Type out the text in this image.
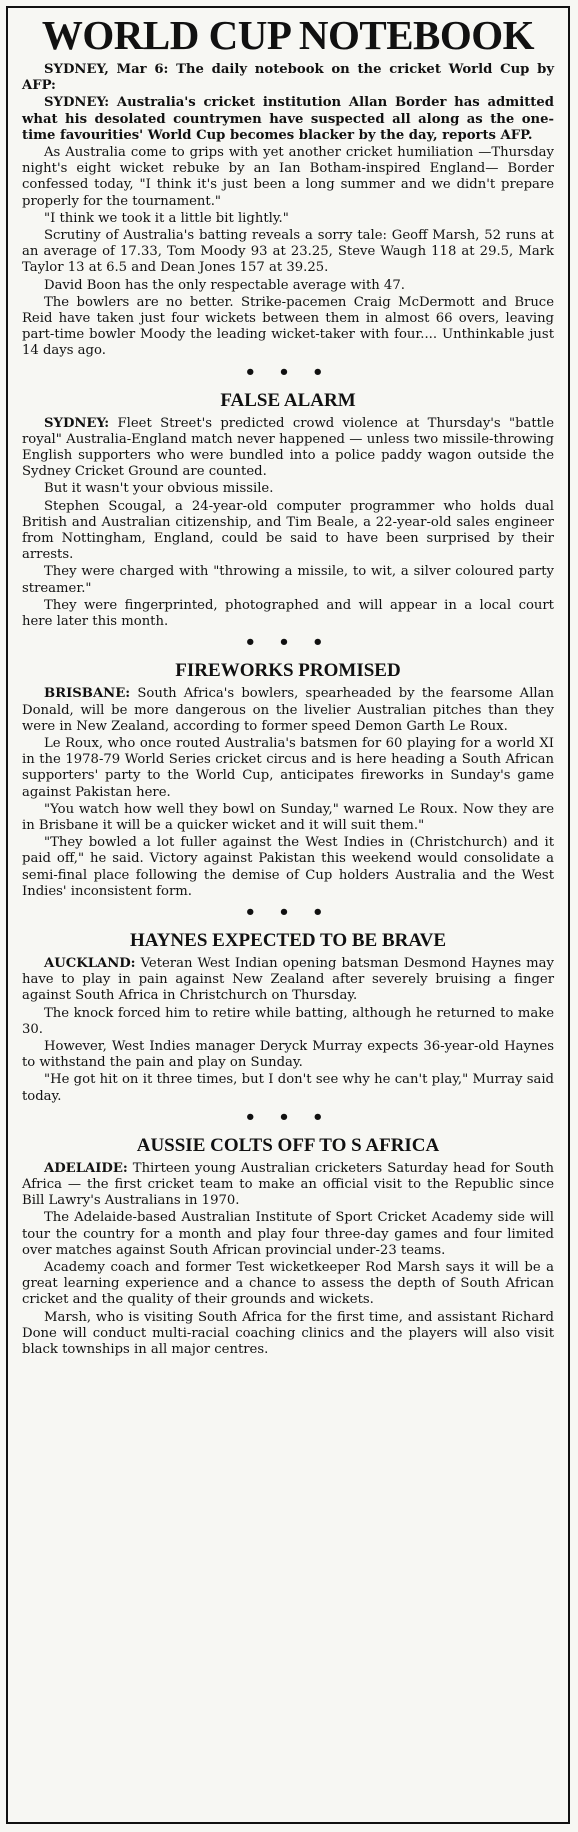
WORLD CUP NOTEBOOK

SYDNEY, Mar 6: The daily notebook on the cricket World Cup by AFP:

SYDNEY: Australia's cricket institution Allan Border has admitted what his desolated countrymen have suspected all along as the one-time favourities' World Cup becomes blacker by the day, reports AFP.

As Australia come to grips with yet another cricket humiliation —Thursday night's eight wicket rebuke by an Ian Botham-inspired England— Border confessed today, "I think it's just been a long summer and we didn't prepare properly for the tournament."

"I think we took it a little bit lightly."

Scrutiny of Australia's batting reveals a sorry tale: Geoff Marsh, 52 runs at an average of 17.33, Tom Moody 93 at 23.25, Steve Waugh 118 at 29.5, Mark Taylor 13 at 6.5 and Dean Jones 157 at 39.25.

David Boon has the only respectable average with 47.

The bowlers are no better. Strike-pacemen Craig McDermott and Bruce Reid have taken just four wickets between them in almost 66 overs, leaving part-time bowler Moody the leading wicket-taker with four.... Unthinkable just 14 days ago.

• • •
FALSE ALARM

SYDNEY: Fleet Street's predicted crowd violence at Thursday's "battle royal" Australia-England match never happened — unless two missile-throwing English supporters who were bundled into a police paddy wagon outside the Sydney Cricket Ground are counted.

But it wasn't your obvious missile.

Stephen Scougal, a 24-year-old computer programmer who holds dual British and Australian citizenship, and Tim Beale, a 22-year-old sales engineer from Nottingham, England, could be said to have been surprised by their arrests.

They were charged with "throwing a missile, to wit, a silver coloured party streamer."

They were fingerprinted, photographed and will appear in a local court here later this month.

• • •
FIREWORKS PROMISED

BRISBANE: South Africa's bowlers, spearheaded by the fearsome Allan Donald, will be more dangerous on the livelier Australian pitches than they were in New Zealand, according to former speed Demon Garth Le Roux.

Le Roux, who once routed Australia's batsmen for 60 playing for a world XI in the 1978-79 World Series cricket circus and is here heading a South African supporters' party to the World Cup, anticipates fireworks in Sunday's game against Pakistan here.

"You watch how well they bowl on Sunday," warned Le Roux. Now they are in Brisbane it will be a quicker wicket and it will suit them."

"They bowled a lot fuller against the West Indies in (Christchurch) and it paid off," he said. Victory against Pakistan this weekend would consolidate a semi-final place following the demise of Cup holders Australia and the West Indies' inconsistent form.

• • •
HAYNES EXPECTED TO BE BRAVE

AUCKLAND: Veteran West Indian opening batsman Desmond Haynes may have to play in pain against New Zealand after severely bruising a finger against South Africa in Christchurch on Thursday.

The knock forced him to retire while batting, although he returned to make 30.

However, West Indies manager Deryck Murray expects 36-year-old Haynes to withstand the pain and play on Sunday.

"He got hit on it three times, but I don't see why he can't play," Murray said today.

• • •
AUSSIE COLTS OFF TO S AFRICA

ADELAIDE: Thirteen young Australian cricketers Saturday head for South Africa — the first cricket team to make an official visit to the Republic since Bill Lawry's Australians in 1970.

The Adelaide-based Australian Institute of Sport Cricket Academy side will tour the country for a month and play four three-day games and four limited over matches against South African provincial under-23 teams.

Academy coach and former Test wicketkeeper Rod Marsh says it will be a great learning experience and a chance to assess the depth of South African cricket and the quality of their grounds and wickets.

Marsh, who is visiting South Africa for the first time, and assistant Richard Done will conduct multi-racial coaching clinics and the players will also visit black townships in all major centres.
